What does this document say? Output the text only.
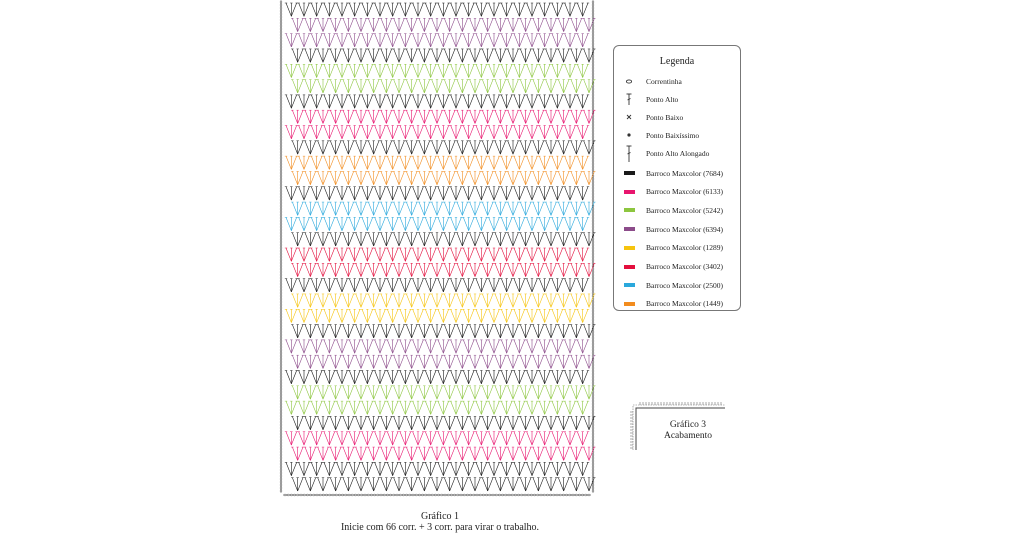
Gráfico 1
Inicie com 66 corr. + 3 corr. para virar o trabalho.
Legenda
Correntinha
Ponto Alto
Ponto Baixo
Ponto Baixíssimo
Ponto Alto Alongado
Barroco Maxcolor (7684)
Barroco Maxcolor (6133)
Barroco Maxcolor (5242)
Barroco Maxcolor (6394)
Barroco Maxcolor (1289)
Barroco Maxcolor (3402)
Barroco Maxcolor (2500)
Barroco Maxcolor (1449)
Gráfico 3
Acabamento
